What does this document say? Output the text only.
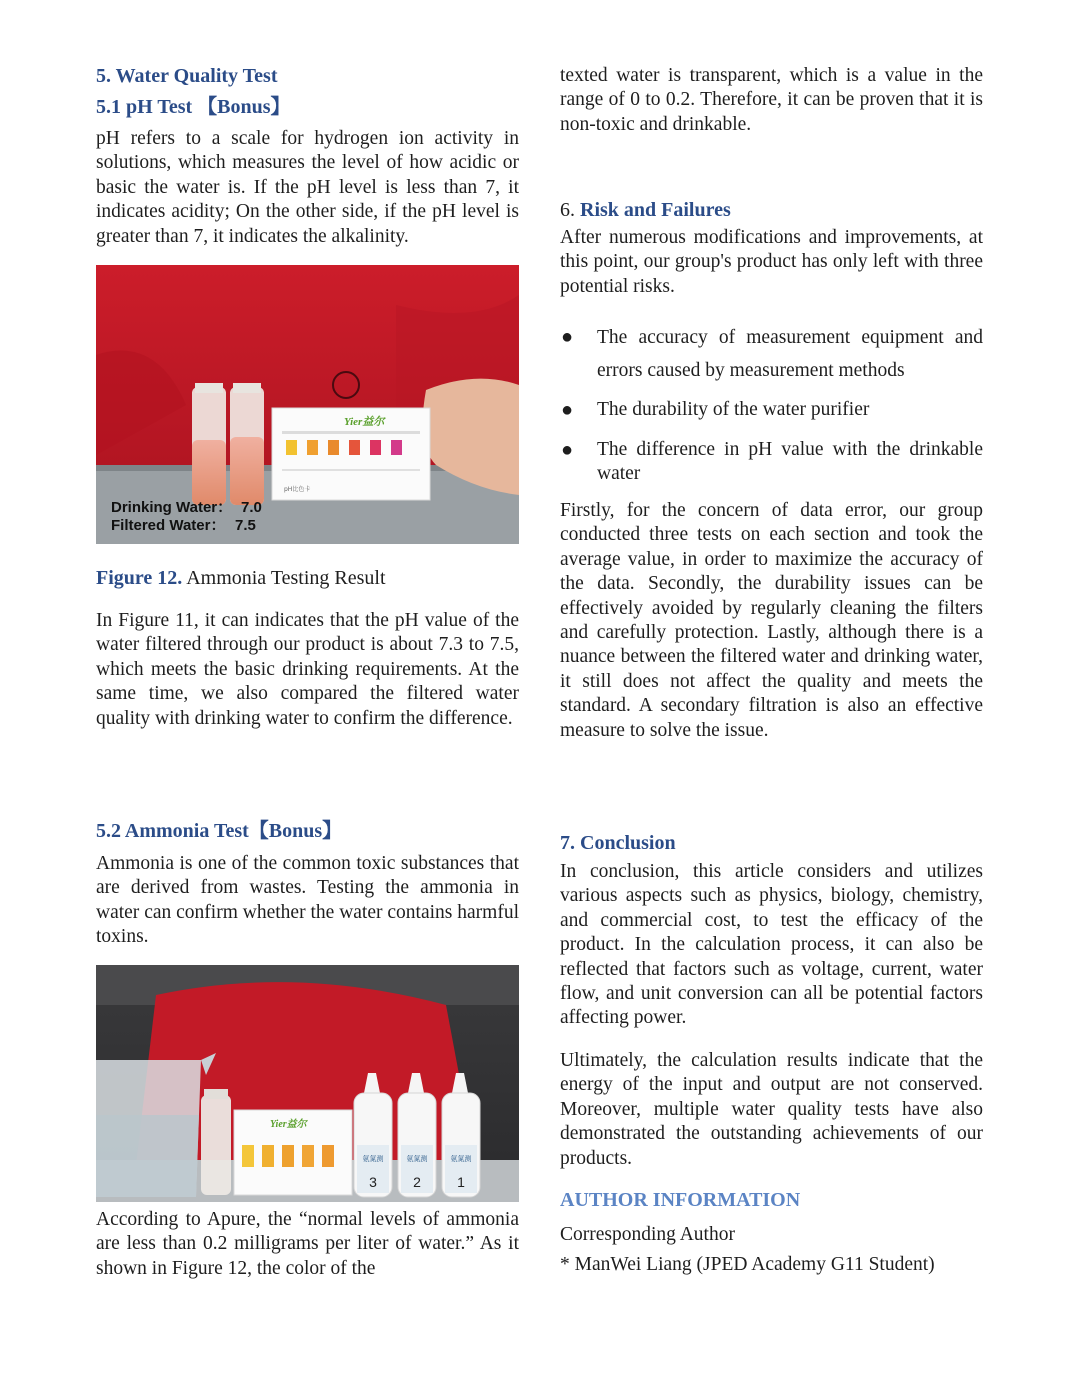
5. Water Quality Test
5.1 pH Test 【Bonus】

pH refers to a scale for hydrogen ion activity in solutions, which measures the level of how acidic or basic the water is. If the pH level is less than 7, it indicates acidity; On the other side, if the pH level is greater than 7, it indicates the alkalinity.

Yier益尔
pH比色卡
Drinking Water： 7.0
Filtered Water： 7.5

Figure 12. Ammonia Testing Result

In Figure 11, it can indicates that the pH value of the water filtered through our product is about 7.3 to 7.5, which meets the basic drinking requirements. At the same time, we also compared the filtered water quality with drinking water to confirm the difference.

5.2 Ammonia Test【Bonus】

Ammonia is one of the common toxic substances that are derived from wastes. Testing the ammonia in water can confirm whether the water contains harmful toxins.

Yier益尔
氨氮测
3
氨氮测
2
氨氮测
1

According to Apure, the “normal levels of ammonia are less than 0.2 milligrams per liter of water.” As it shown in Figure 12, the color of the

texted water is transparent, which is a value in the range of 0 to 0.2. Therefore, it can be proven that it is non-toxic and drinkable.

6. Risk and Failures

After numerous modifications and improvements, at this point, our group's product has only left with three potential risks.

● The accuracy of measurement equipment and errors caused by measurement methods
● The durability of the water purifier
● The difference in pH value with the drinkable water

Firstly, for the concern of data error, our group conducted three tests on each section and took the average value, in order to maximize the accuracy of the data. Secondly, the durability issues can be effectively avoided by regularly cleaning the filters and carefully protection. Lastly, although there is a nuance between the filtered water and drinking water, it still does not affect the quality and meets the standard. A secondary filtration is also an effective measure to solve the issue.

7. Conclusion

In conclusion, this article considers and utilizes various aspects such as physics, biology, chemistry, and commercial cost, to test the efficacy of the product. In the calculation process, it can also be reflected that factors such as voltage, current, water flow, and unit conversion can all be potential factors affecting power.

Ultimately, the calculation results indicate that the energy of the input and output are not conserved. Moreover, multiple water quality tests have also demonstrated the outstanding achievements of our products.

AUTHOR INFORMATION

Corresponding Author

* ManWei Liang (JPED Academy G11 Student)
